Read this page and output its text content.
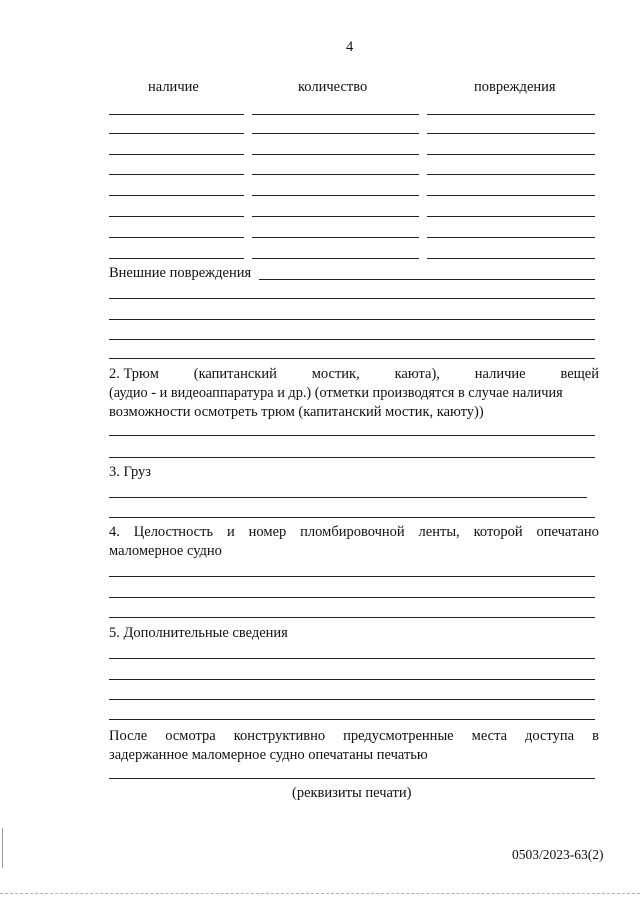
4
наличие	количество	повреждения
Внешние повреждения
2. Трюм (капитанский мостик, каюта), наличие вещей
(аудио - и видеоаппаратура и др.) (отметки производятся в случае наличия
возможности осмотреть трюм (капитанский мостик, каюту))
3. Груз
4. Целостность и номер пломбировочной ленты, которой опечатано
маломерное судно
5. Дополнительные сведения
После осмотра конструктивно предусмотренные места доступа в
задержанное маломерное судно опечатаны печатью
(реквизиты печати)
0503/2023-63(2)
